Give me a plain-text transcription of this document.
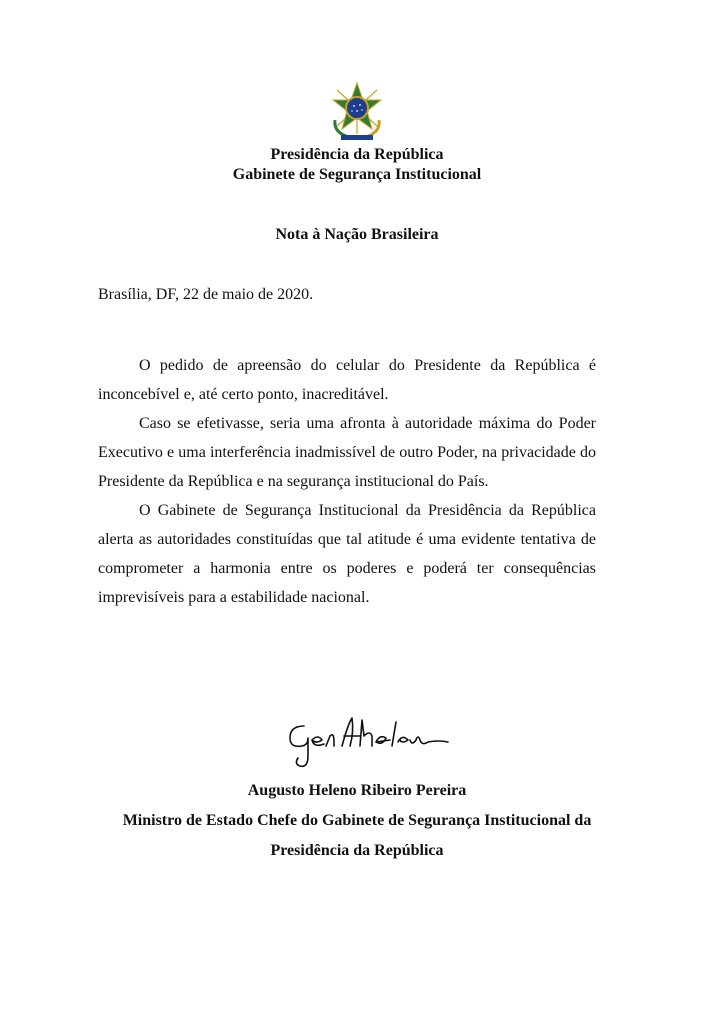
Presidência da República
Gabinete de Segurança Institucional
Nota à Nação Brasileira
Brasília, DF, 22 de maio de 2020.

O pedido de apreensão do celular do Presidente da República é inconcebível e, até certo ponto, inacreditável.

Caso se efetivasse, seria uma afronta à autoridade máxima do Poder Executivo e uma interferência inadmissível de outro Poder, na privacidade do Presidente da República e na segurança institucional do País.

O Gabinete de Segurança Institucional da Presidência da República alerta as autoridades constituídas que tal atitude é uma evidente tentativa de comprometer a harmonia entre os poderes e poderá ter consequências imprevisíveis para a estabilidade nacional.

Augusto Heleno Ribeiro Pereira
Ministro de Estado Chefe do Gabinete de Segurança Institucional da
Presidência da República
